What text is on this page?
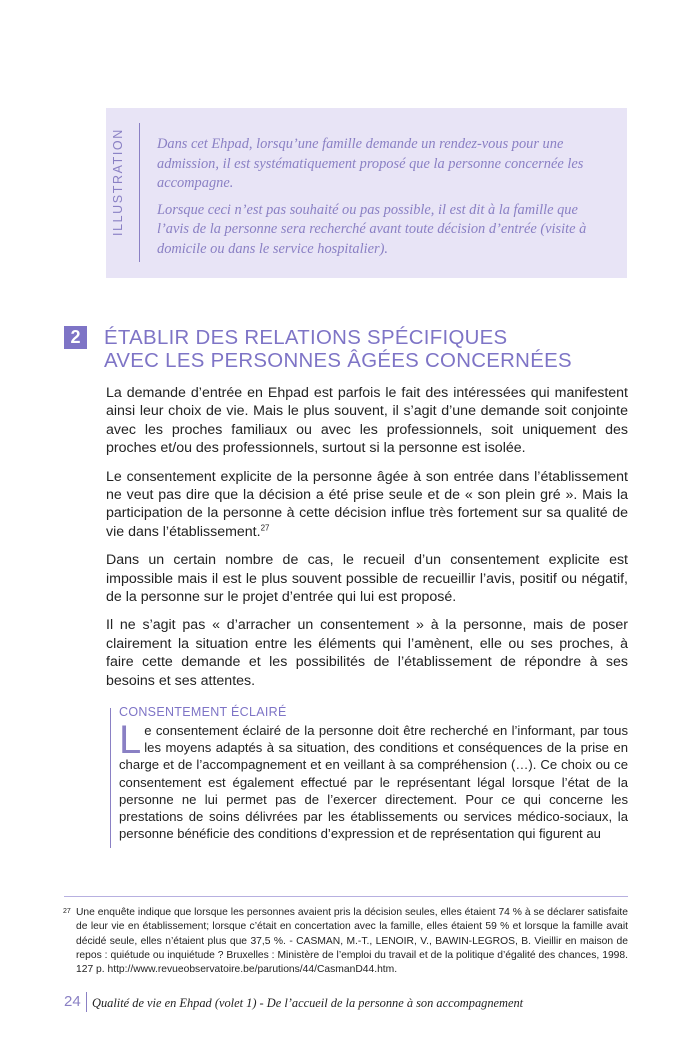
ILLUSTRATION Dans cet Ehpad, lorsqu’une famille demande un rendez-vous pour une admission, il est systématiquement proposé que la personne concernée les accompagne.

Lorsque ceci n’est pas souhaité ou pas possible, il est dit à la famille que l’avis de la personne sera recherché avant toute décision d’entrée (visite à domicile ou dans le service hospitalier).

2	ÉTABLIR DES RELATIONS SPÉCIFIQUES
AVEC LES PERSONNES ÂGÉES CONCERNÉES

La demande d’entrée en Ehpad est parfois le fait des intéressées qui manifestent ainsi leur choix de vie. Mais le plus souvent, il s’agit d’une demande soit conjointe avec les proches familiaux ou avec les professionnels, soit uniquement des proches et/ou des professionnels, surtout si la personne est isolée.

Le consentement explicite de la personne âgée à son entrée dans l’établissement ne veut pas dire que la décision a été prise seule et de « son plein gré ». Mais la participation de la personne à cette décision influe très fortement sur sa qualité de vie dans l’établissement.$^{27}$

Dans un certain nombre de cas, le recueil d’un consentement explicite est impossible mais il est le plus souvent possible de recueillir l’avis, positif ou négatif, de la personne sur le projet d’entrée qui lui est proposé.

Il ne s’agit pas « d’arracher un consentement » à la personne, mais de poser clairement la situation entre les éléments qui l’amènent, elle ou ses proches, à faire cette demande et les possibilités de l’établissement de répondre à ses besoins et ses attentes.

CONSENTEMENT ÉCLAIRÉ
Le consentement éclairé de la personne doit être recherché en l’informant, par tous les moyens adaptés à sa situation, des conditions et conséquences de la prise en charge et de l’accompagnement et en veillant à sa compréhension (…). Ce choix ou ce consentement est également effectué par le représentant légal lorsque l’état de la personne ne lui permet pas de l’exercer directement. Pour ce qui concerne les prestations de soins délivrées par les établissements ou services médico-sociaux, la personne bénéficie des conditions d’expression et de représentation qui figurent au
27 Une enquête indique que lorsque les personnes avaient pris la décision seules, elles étaient 74 % à se déclarer satisfaite de leur vie en établissement; lorsque c’était en concertation avec la famille, elles étaient 59 % et lorsque la famille avait décidé seule, elles n’étaient plus que 37,5 %. - CASMAN, M.-T., LENOIR, V., BAWIN-LEGROS, B. Vieillir en maison de repos : quiétude ou inquiétude ? Bruxelles : Ministère de l’emploi du travail et de la politique d’égalité des chances, 1998. 127 p. http://www.revueobservatoire.be/parutions/44/CasmanD44.htm.
24 Qualité de vie en Ehpad (volet 1) - De l’accueil de la personne à son accompagnement
